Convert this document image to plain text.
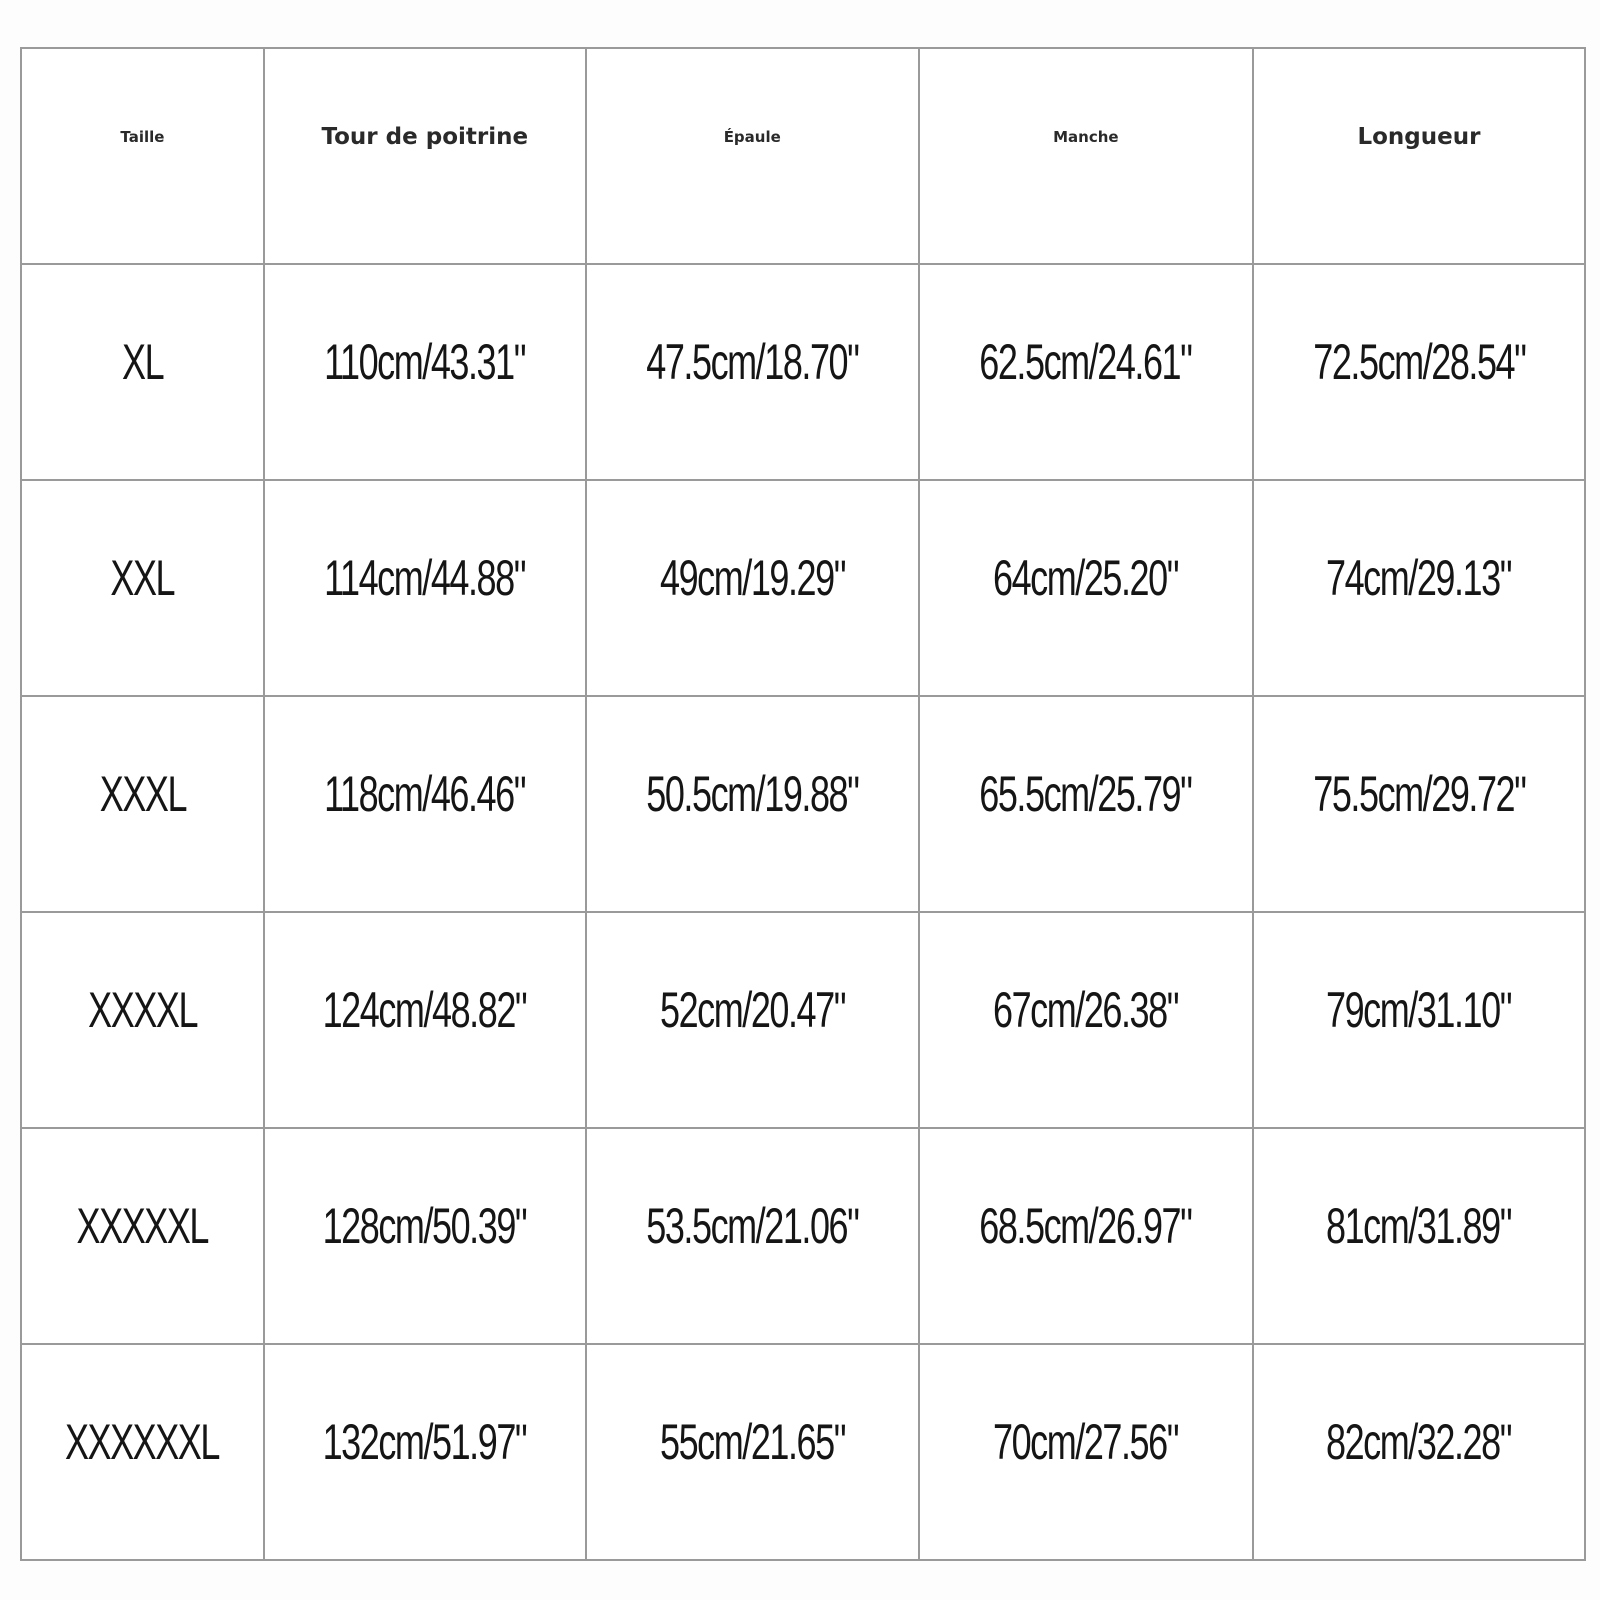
Taille	Tour de poitrine	Épaule	Manche	Longueur
XL	110cm/43.31"	47.5cm/18.70"	62.5cm/24.61"	72.5cm/28.54"
XXL	114cm/44.88"	49cm/19.29"	64cm/25.20"	74cm/29.13"
XXXL	118cm/46.46"	50.5cm/19.88"	65.5cm/25.79"	75.5cm/29.72"
XXXXL	124cm/48.82"	52cm/20.47"	67cm/26.38"	79cm/31.10"
XXXXXL	128cm/50.39"	53.5cm/21.06"	68.5cm/26.97"	81cm/31.89"
XXXXXXL	132cm/51.97"	55cm/21.65"	70cm/27.56"	82cm/32.28"
